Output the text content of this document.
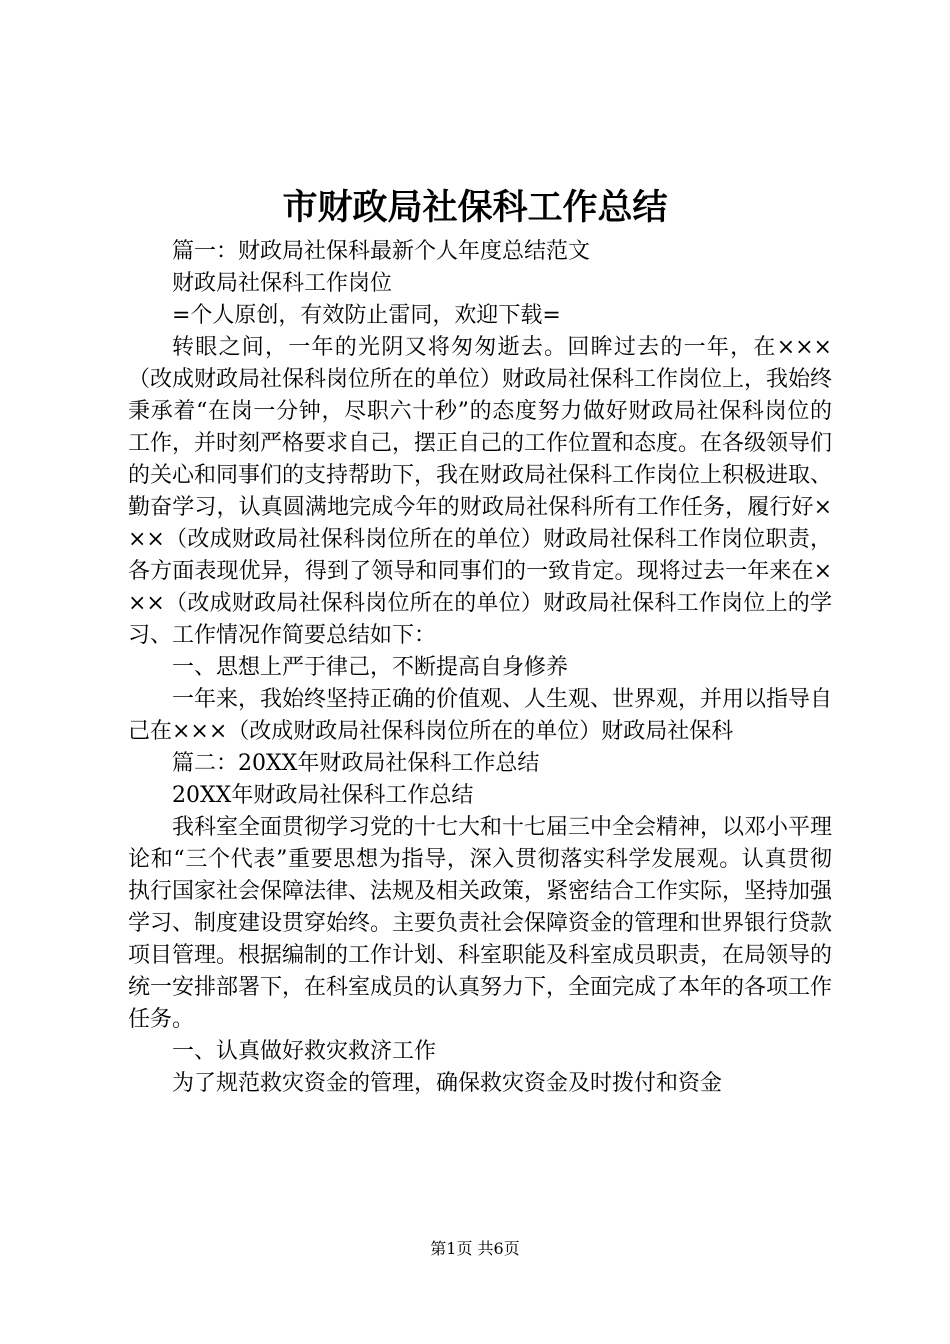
市财政局社保科工作总结

篇一：财政局社保科最新个人年度总结范文

财政局社保科工作岗位

=个人原创，有效防止雷同，欢迎下载=

转眼之间，一年的光阴又将匆匆逝去。回眸过去的一年，在×××（改成财政局社保科岗位所在的单位）财政局社保科工作岗位上，我始终秉承着“在岗一分钟，尽职六十秒”的态度努力做好财政局社保科岗位的工作，并时刻严格要求自己，摆正自己的工作位置和态度。在各级领导们的关心和同事们的支持帮助下，我在财政局社保科工作岗位上积极进取、勤奋学习，认真圆满地完成今年的财政局社保科所有工作任务，履行好×××（改成财政局社保科岗位所在的单位）财政局社保科工作岗位职责，各方面表现优异，得到了领导和同事们的一致肯定。现将过去一年来在×××（改成财政局社保科岗位所在的单位）财政局社保科工作岗位上的学习、工作情况作简要总结如下：

一、思想上严于律己，不断提高自身修养

一年来，我始终坚持正确的价值观、人生观、世界观，并用以指导自己在×××（改成财政局社保科岗位所在的单位）财政局社保科

篇二：20XX年财政局社保科工作总结

20XX年财政局社保科工作总结

我科室全面贯彻学习党的十七大和十七届三中全会精神，以邓小平理论和“三个代表”重要思想为指导，深入贯彻落实科学发展观。认真贯彻执行国家社会保障法律、法规及相关政策，紧密结合工作实际，坚持加强学习、制度建设贯穿始终。主要负责社会保障资金的管理和世界银行贷款项目管理。根据编制的工作计划、科室职能及科室成员职责，在局领导的统一安排部署下，在科室成员的认真努力下，全面完成了本年的各项工作任务。

一、认真做好救灾救济工作

为了规范救灾资金的管理，确保救灾资金及时拨付和资金

第1页 共6页
